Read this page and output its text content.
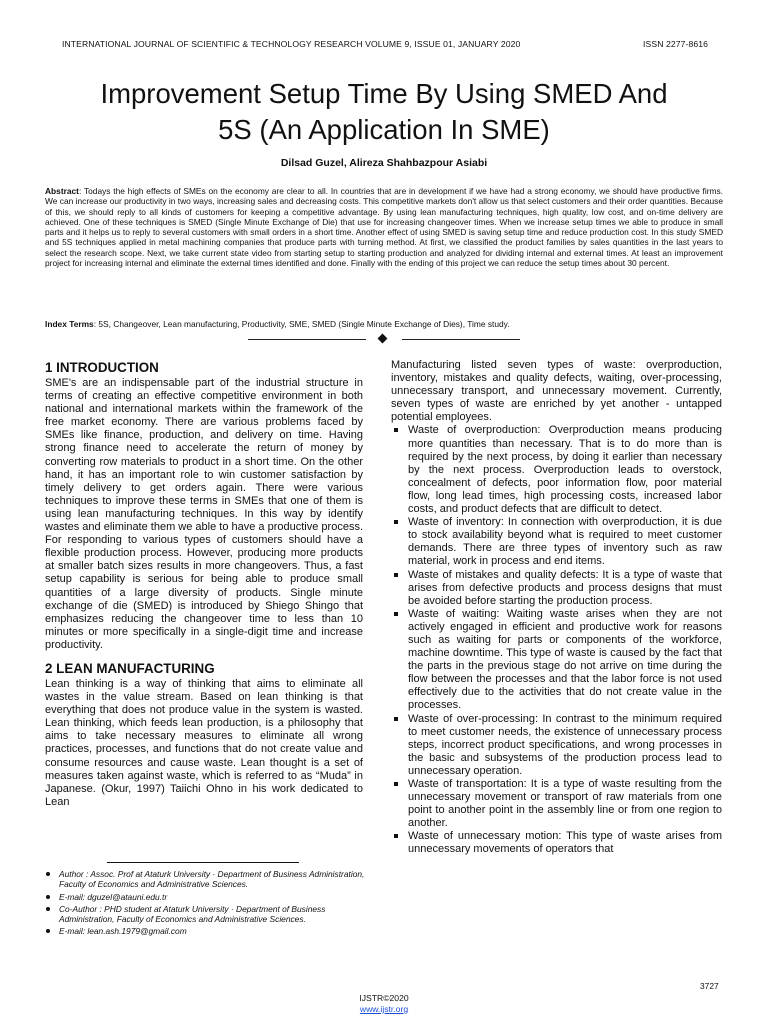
INTERNATIONAL JOURNAL OF SCIENTIFIC & TECHNOLOGY RESEARCH VOLUME 9, ISSUE 01, JANUARY 2020	ISSN 2277-8616
Improvement Setup Time By Using SMED And
5S (An Application In SME)
Dilsad Guzel, Alireza Shahbazpour Asiabi

Abstract: Todays the high effects of SMEs on the economy are clear to all. In countries that are in development if we have had a strong economy, we should have productive firms. We can increase our productivity in two ways, increasing sales and decreasing costs. This competitive markets don't allow us that select customers and their order quantities. Because of this, we should reply to all kinds of customers for keeping a competitive advantage. By using lean manufacturing techniques, high quality, low cost, and on-time delivery are achieved. One of these techniques is SMED (Single Minute Exchange of Die) that use for increasing changeover times. When we increase setup times we able to produce in small parts and it helps us to reply to several customers with small orders in a short time. Another effect of using SMED is saving setup time and reduce production cost. In this study SMED and 5S techniques applied in metal machining companies that produce parts with turning method. At first, we classified the product families by sales quantities in the last years to select the research scope. Next, we take current state video from starting setup to starting production and analyzed for dividing internal and external times. At least an improvement project for increasing internal and eliminate the external times identified and done. Finally with the ending of this project we can reduce the setup times about 30 percent.

Index Terms: 5S, Changeover, Lean manufacturing, Productivity, SME, SMED (Single Minute Exchange of Dies), Time study.

1 INTRODUCTION

SME's are an indispensable part of the industrial structure in terms of creating an effective competitive environment in both national and international markets within the framework of the free market economy. There are various problems faced by SMEs like finance, production, and delivery on time. Having strong finance need to accelerate the return of money by converting row materials to product in a short time. On the other hand, it has an important role to win customer satisfaction by timely delivery to get orders again. There were various techniques to improve these terms in SMEs that one of them is using lean manufacturing techniques. In this way by identify wastes and eliminate them we able to have a productive process. For responding to various types of customers should have a flexible production process. However, producing more products at smaller batch sizes results in more changeovers. Thus, a fast setup capability is serious for being able to produce small quantities of a large diversity of products. Single minute exchange of die (SMED) is introduced by Shiego Shingo that emphasizes reducing the changeover time to less than 10 minutes or more specifically in a single-digit time and increase productivity.

2 LEAN MANUFACTURING

Lean thinking is a way of thinking that aims to eliminate all wastes in the value stream. Based on lean thinking is that everything that does not produce value in the system is wasted. Lean thinking, which feeds lean production, is a philosophy that aims to take necessary measures to eliminate all wrong practices, processes, and functions that do not create value and consume resources and cause waste. Lean thought is a set of measures taken against waste, which is referred to as “Muda” in Japanese. (Okur, 1997) Taiichi Ohno in his work dedicated to Lean

Manufacturing listed seven types of waste: overproduction, inventory, mistakes and quality defects, waiting, over-processing, unnecessary transport, and unnecessary movement. Currently, seven types of waste are enriched by yet another - untapped potential employees.

Waste of overproduction: Overproduction means producing more quantities than necessary. That is to do more than is required by the next process, by doing it earlier than necessary by the next process. Overproduction leads to overstock, concealment of defects, poor information flow, poor material flow, long lead times, high processing costs, increased labor costs, and product defects that are difficult to detect.
Waste of inventory: In connection with overproduction, it is due to stock availability beyond what is required to meet customer demands. There are three types of inventory such as raw material, work in process and end items.
Waste of mistakes and quality defects: It is a type of waste that arises from defective products and process designs that must be avoided before starting the production process.
Waste of waiting: Waiting waste arises when they are not actively engaged in efficient and productive work for reasons such as waiting for parts or components of the workforce, machine downtime. This type of waste is caused by the fact that the parts in the previous stage do not arrive on time during the flow between the processes and that the labor force is not used effectively due to the activities that do not create value in the processes.
Waste of over-processing: In contrast to the minimum required to meet customer needs, the existence of unnecessary process steps, incorrect product specifications, and wrong processes in the basic and subsystems of the production process lead to unnecessary operation.
Waste of transportation: It is a type of waste resulting from the unnecessary movement or transport of raw materials from one point to another point in the assembly line or from one region to another.
Waste of unnecessary motion: This type of waste arises from unnecessary movements of operators that
Author : Assoc. Prof at Ataturk University · Department of Business Administration, Faculty of Economics and Administrative Sciences.
E-mail: dguzel@atauni.edu.tr
Co-Author : PHD student at Ataturk University · Department of Business Administration, Faculty of Economics and Administrative Sciences.
E-mail: lean.ash.1979@gmail.com
3727
IJSTR©2020
www.ijstr.org
